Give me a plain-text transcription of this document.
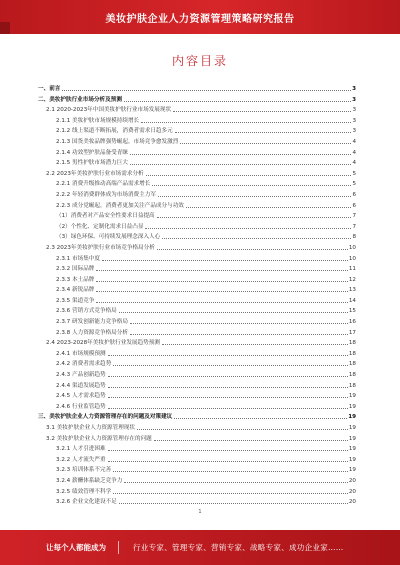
美妆护肤企业人力资源管理策略研究报告
内容目录
一、前言	3
二、美妆护肤行业市场分析及预测	3
2.1 2020-2023年中国美妆护肤行业市场发展现状	3
2.1.1 美妆护肤市场规模持续增长	3
2.1.2 线上渠道不断拓展，消费者需求日趋多元	3
2.1.3 国货美妆品牌强势崛起，市场竞争愈发激烈	4
2.1.4 功效型护肤品备受青睐	4
2.1.5 男性护肤市场潜力巨大	4
2.2 2023年美妆护肤行业市场需求分析	5
2.2.1 消费升级推动高端产品需求增长	5
2.2.2 年轻消费群体成为市场消费主力军	6
2.2.3 成分党崛起，消费者更加关注产品成分与功效	6
（1）消费者对产品安全性要求日益提高	7
（2）个性化、定制化需求日益凸显	7
（3）绿色环保、可持续发展理念深入人心	8
2.3 2023年美妆护肤行业市场竞争格局分析	10
2.3.1 市场集中度	10
2.3.2 国际品牌	11
2.3.3 本土品牌	12
2.3.4 新锐品牌	13
2.3.5 渠道竞争	14
2.3.6 营销方式竞争格局	15
2.3.7 研发创新能力竞争格局	16
2.3.8 人力资源竞争格局分析	17
2.4 2023-2028年美妆护肤行业发展趋势预测	18
2.4.1 市场规模预测	18
2.4.2 消费者需求趋势	18
2.4.3 产品创新趋势	18
2.4.4 渠道发展趋势	18
2.4.5 人才需求趋势	19
2.4.6 行业监管趋势	19
三、美妆护肤企业人力资源管理存在的问题及对策建议	19
3.1 美妆护肤企业人力资源管理现状	19
3.2 美妆护肤企业人力资源管理存在的问题	19
3.2.1 人才引进困难	19
3.2.2 人才流失严重	19
3.2.3 培训体系不完善	19
3.2.4 薪酬体系缺乏竞争力	20
3.2.5 绩效管理不科学	20
3.2.6 企业文化建设不足	20
1
让每个人都能成为	行业专家、管理专家、营销专家、战略专家、成功企业家……
